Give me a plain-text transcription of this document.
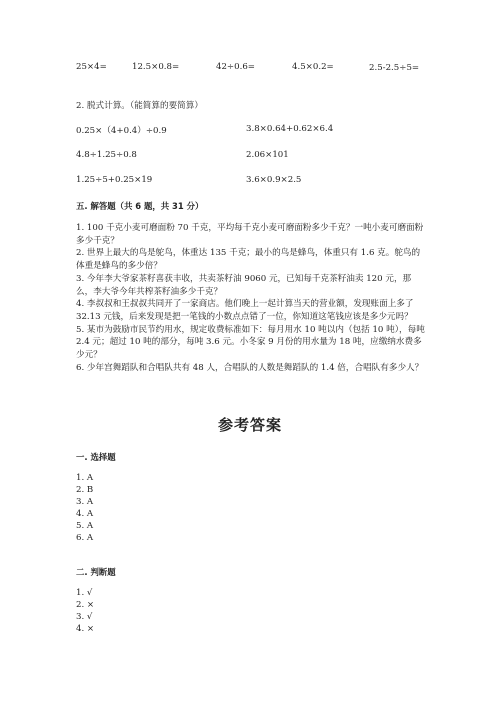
25×4=	12.5×0.8=	42÷0.6=	4.5×0.2=	2.5-2.5÷5=
2. 脱式计算。（能简算的要简算）
0.25×（4+0.4）÷0.9	3.8×0.64+0.62×6.4
4.8÷1.25÷0.8	2.06×101
1.25÷5+0.25×19	3.6×0.9×2.5
五. 解答题（共 6 题，共 31 分）

1. 100 千克小麦可磨面粉 70 千克，平均每千克小麦可磨面粉多少千克？一吨小麦可磨面粉多少千克？

2. 世界上最大的鸟是鸵鸟，体重达 135 千克；最小的鸟是蜂鸟，体重只有 1.6 克。鸵鸟的体重是蜂鸟的多少倍？

3. 今年李大爷家茶籽喜获丰收，共卖茶籽油 9060 元，已知每千克茶籽油卖 120 元，那么，李大爷今年共榨茶籽油多少千克？

4. 李叔叔和王叔叔共同开了一家商店。他们晚上一起计算当天的营业额，发现账面上多了 32.13 元钱，后来发现是把一笔钱的小数点点错了一位，你知道这笔钱应该是多少元吗？

5. 某市为鼓励市民节约用水，规定收费标准如下：每月用水 10 吨以内（包括 10 吨），每吨 2.4 元；超过 10 吨的部分，每吨 3.6 元。小冬家 9 月份的用水量为 18 吨，应缴纳水费多少元？

6. 少年宫舞蹈队和合唱队共有 48 人，合唱队的人数是舞蹈队的 1.4 倍，合唱队有多少人？

参考答案
一. 选择题
1. A
2. B
3. A
4. A
5. A
6. A
二. 判断题
1. √
2. ×
3. √
4. ×
